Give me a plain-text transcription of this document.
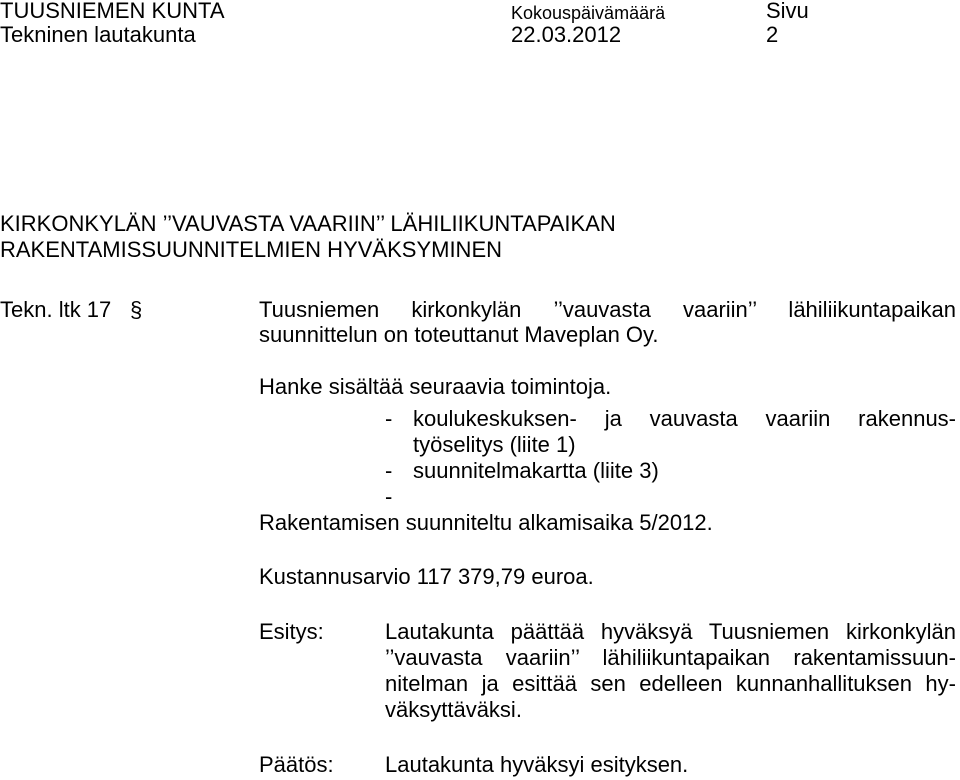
TUUSNIEMEN KUNTA
Tekninen lautakunta
Kokouspäivämäärä
22.03.2012
Sivu
2
KIRKONKYLÄN ’’VAUVASTA VAARIIN’’ LÄHILIIKUNTAPAIKAN
RAKENTAMISSUUNNITELMIEN HYVÄKSYMINEN
Tekn. ltk 17 §	Tuusniemen kirkonkylän ’’vauvasta vaariin’’ lähiliikuntapaikan
suunnittelun on toteuttanut Maveplan Oy.
Hanke sisältää seuraavia toimintoja.
- koulukeskuksen- ja vauvasta vaariin rakennus-
työselitys (liite 1)
- suunnitelmakartta (liite 3)
-
Rakentamisen suunniteltu alkamisaika 5/2012.
Kustannusarvio 117 379,79 euroa.
Esitys:	Lautakunta päättää hyväksyä Tuusniemen kirkonkylän
’’vauvasta vaariin’’ lähiliikuntapaikan rakentamissuun-
nitelman ja esittää sen edelleen kunnanhallituksen hy-
väksyttäväksi.
Päätös: Lautakunta hyväksyi esityksen.
